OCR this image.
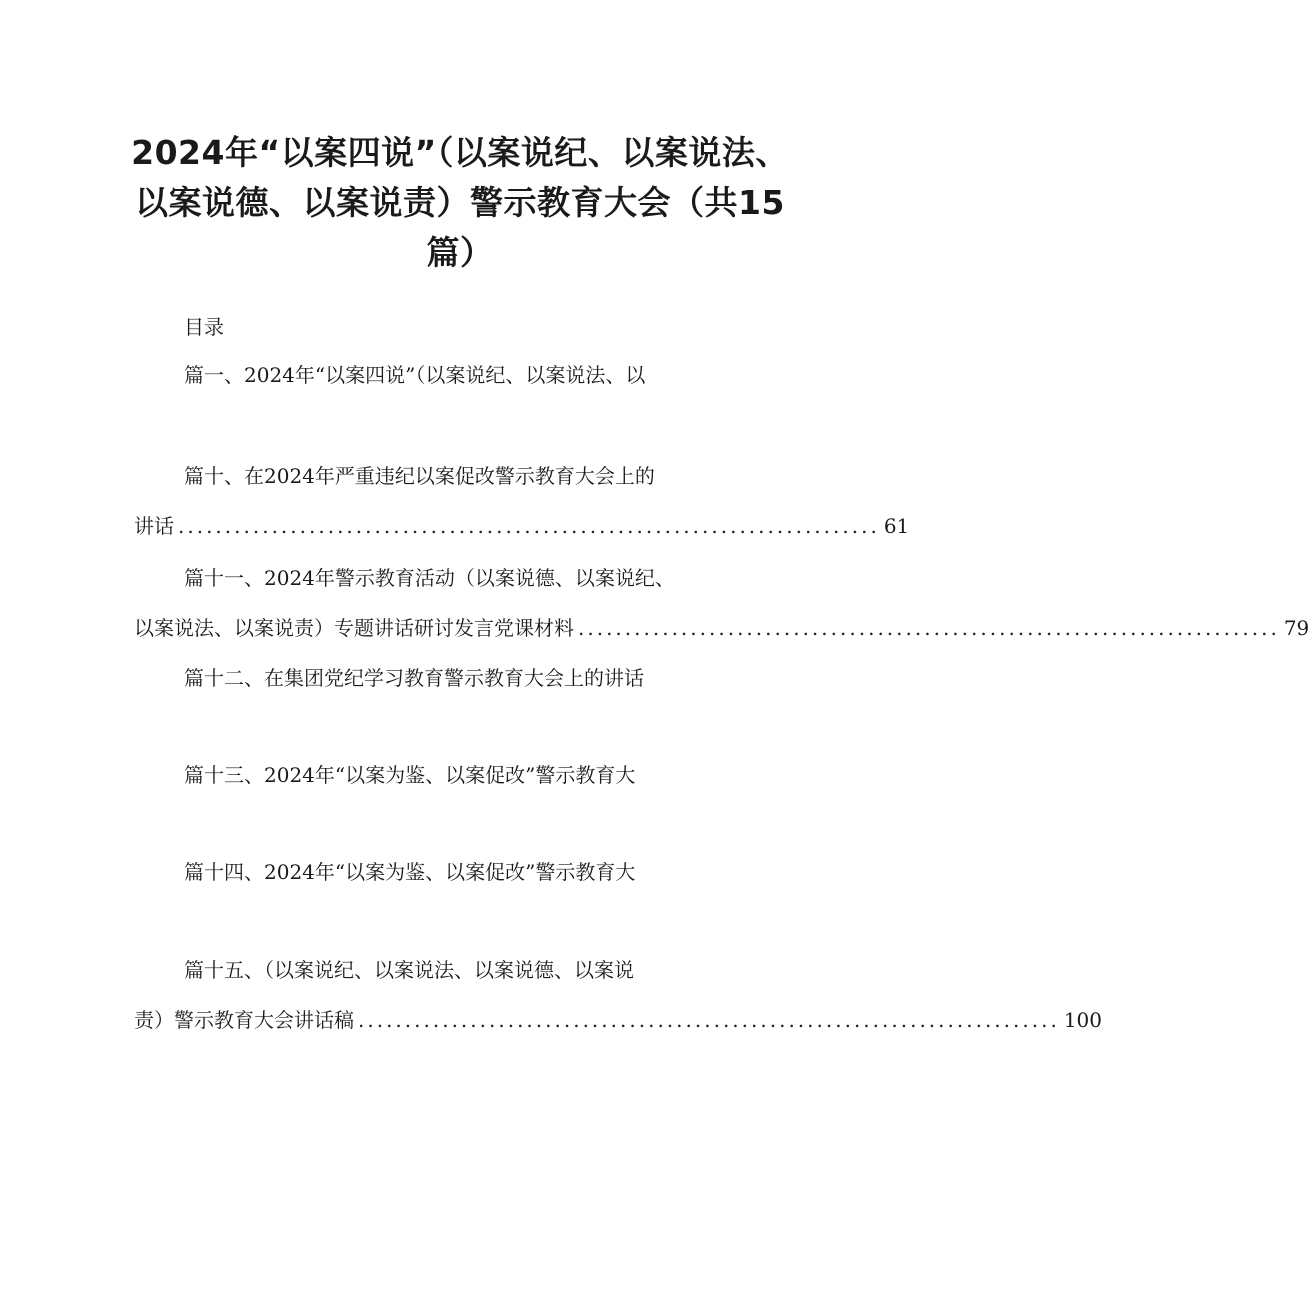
2024年“以案四说”（以案说纪、以案说法、
以案说德、以案说责）警示教育大会（共15
篇）
目录
篇一、2024年“以案四说”（以案说纪、以案说法、以
篇十、在2024年严重违纪以案促改警示教育大会上的
讲话 ........................................................................... 61
篇十一、2024年警示教育活动（以案说德、以案说纪、
以案说法、以案说责）专题讲话研讨发言党课材料 ........................................................................... 79
篇十二、在集团党纪学习教育警示教育大会上的讲话
篇十三、2024年“以案为鉴、以案促改”警示教育大
篇十四、2024年“以案为鉴、以案促改”警示教育大
篇十五、（以案说纪、以案说法、以案说德、以案说
责）警示教育大会讲话稿 ........................................................................... 100
